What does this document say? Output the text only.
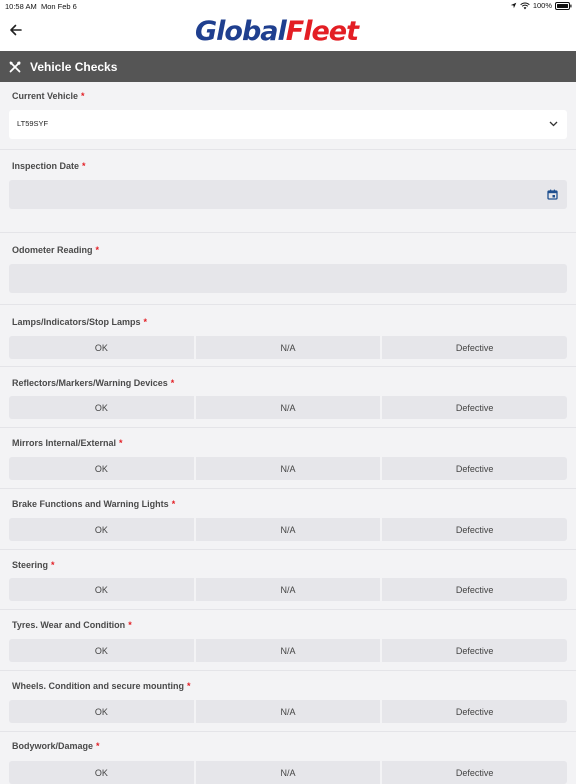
10:58 AM Mon Feb 6	100%
GlobalFleet
Vehicle Checks
Current Vehicle *
LT59SYF
Inspection Date *
Odometer Reading *
Lamps/Indicators/Stop Lamps *
OK	N/A	Defective
Reflectors/Markers/Warning Devices *
OK	N/A	Defective
Mirrors Internal/External *
OK	N/A	Defective
Brake Functions and Warning Lights *
OK	N/A	Defective
Steering *
OK	N/A	Defective
Tyres. Wear and Condition *
OK	N/A	Defective
Wheels. Condition and secure mounting *
OK	N/A	Defective
Bodywork/Damage *
OK	N/A	Defective
